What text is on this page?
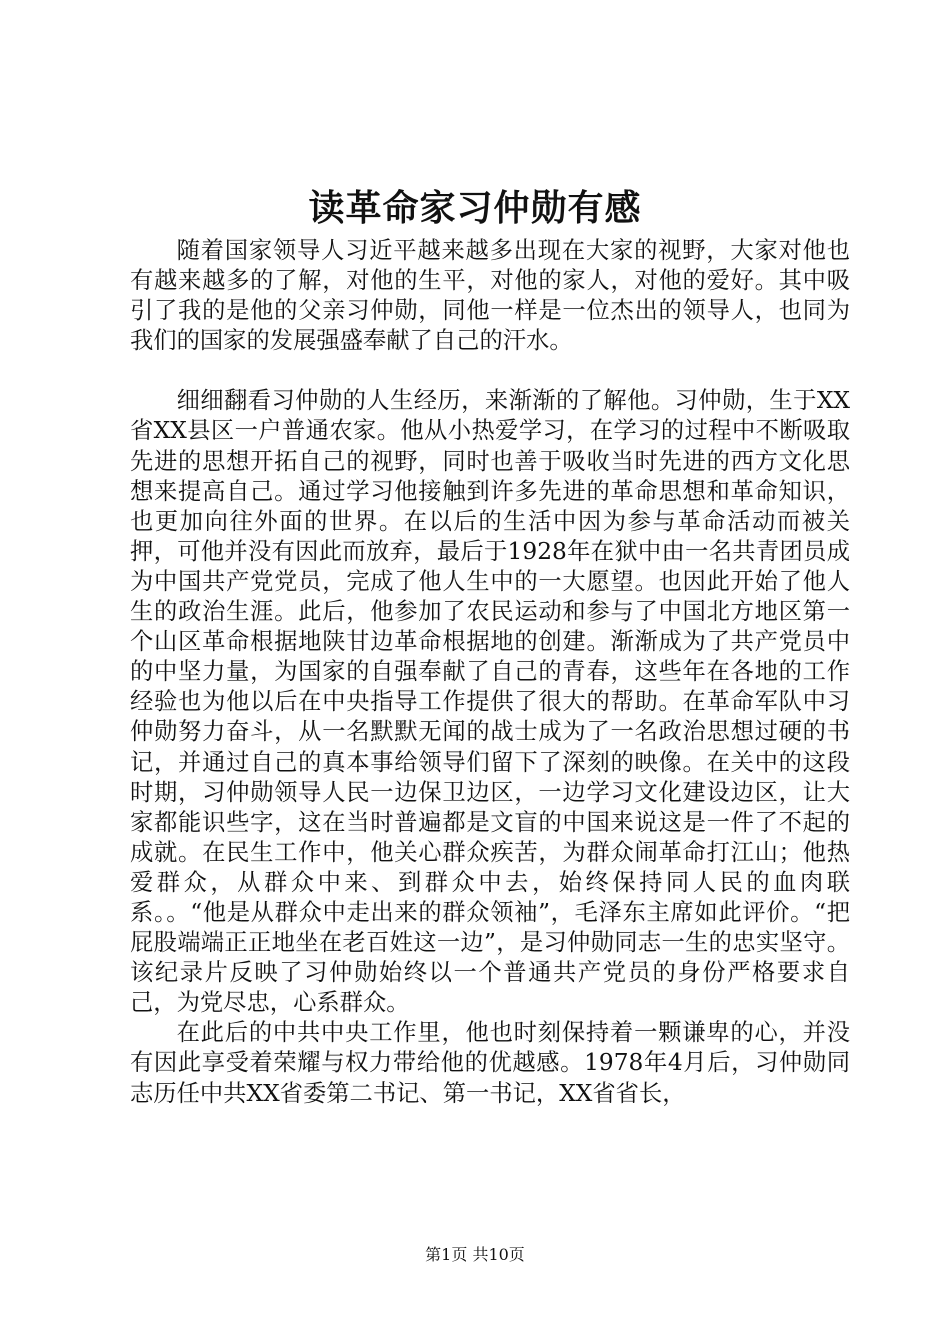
读革命家习仲勋有感

随着国家领导人习近平越来越多出现在大家的视野，大家对他也有越来越多的了解，对他的生平，对他的家人，对他的爱好。其中吸引了我的是他的父亲习仲勋，同他一样是一位杰出的领导人，也同为我们的国家的发展强盛奉献了自己的汗水。

细细翻看习仲勋的人生经历，来渐渐的了解他。习仲勋，生于XX省XX县区一户普通农家。他从小热爱学习，在学习的过程中不断吸取先进的思想开拓自己的视野，同时也善于吸收当时先进的西方文化思想来提高自己。通过学习他接触到许多先进的革命思想和革命知识，也更加向往外面的世界。在以后的生活中因为参与革命活动而被关押，可他并没有因此而放弃，最后于1928年在狱中由一名共青团员成为中国共产党党员，完成了他人生中的一大愿望。也因此开始了他人生的政治生涯。此后，他参加了农民运动和参与了中国北方地区第一个山区革命根据地陕甘边革命根据地的创建。渐渐成为了共产党员中的中坚力量，为国家的自强奉献了自己的青春，这些年在各地的工作经验也为他以后在中央指导工作提供了很大的帮助。在革命军队中习仲勋努力奋斗，从一名默默无闻的战士成为了一名政治思想过硬的书记，并通过自己的真本事给领导们留下了深刻的映像。在关中的这段时期，习仲勋领导人民一边保卫边区，一边学习文化建设边区，让大家都能识些字，这在当时普遍都是文盲的中国来说这是一件了不起的成就。在民生工作中，他关心群众疾苦，为群众闹革命打江山；他热爱群众，从群众中来、到群众中去，始终保持同人民的血肉联系。。“他是从群众中走出来的群众领袖”，毛泽东主席如此评价。“把屁股端端正正地坐在老百姓这一边”，是习仲勋同志一生的忠实坚守。该纪录片反映了习仲勋始终以一个普通共产党员的身份严格要求自己，为党尽忠，心系群众。

在此后的中共中央工作里，他也时刻保持着一颗谦卑的心，并没有因此享受着荣耀与权力带给他的优越感。1978年4月后，习仲勋同志历任中共XX省委第二书记、第一书记，XX省省长，

第1页 共10页
